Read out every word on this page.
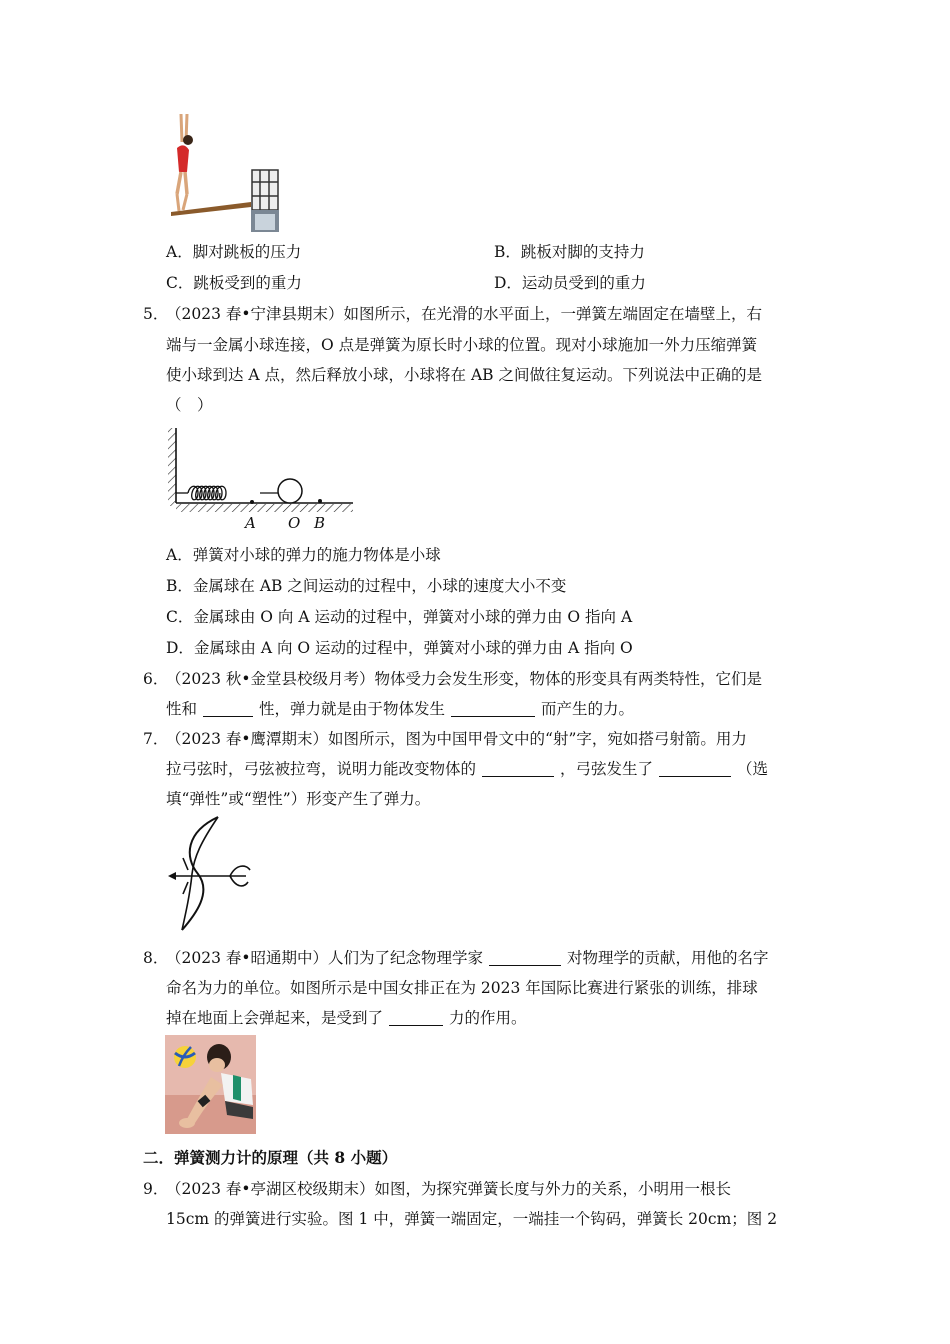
A．脚对跳板的压力	B．跳板对脚的支持力
C．跳板受到的重力	D．运动员受到的重力
5．
（2023 春•宁津县期末）如图所示，在光滑的水平面上，一弹簧左端固定在墙壁上，右
端与一金属小球连接，O 点是弹簧为原长时小球的位置。现对小球施加一外力压缩弹簧
使小球到达 A 点，然后释放小球，小球将在 AB 之间做往复运动。下列说法中正确的是
（　）
A O B
A．弹簧对小球的弹力的施力物体是小球
B．金属球在 AB 之间运动的过程中，小球的速度大小不变
C．金属球由 O 向 A 运动的过程中，弹簧对小球的弹力由 O 指向 A
D．金属球由 A 向 O 运动的过程中，弹簧对小球的弹力由 A 指向 O
6．
（2023 秋•金堂县校级月考）物体受力会发生形变，物体的形变具有两类特性，它们是
性和	性，弹力就是由于物体发生	而产生的力。
7．
（2023 春•鹰潭期末）如图所示，图为中国甲骨文中的“射”字，宛如搭弓射箭。用力
拉弓弦时，弓弦被拉弯，说明力能改变物体的	，弓弦发生了	（选
填“弹性”或“塑性”）形变产生了弹力。
8．
（2023 春•昭通期中）人们为了纪念物理学家	对物理学的贡献，用他的名字
命名为力的单位。如图所示是中国女排正在为 2023 年国际比赛进行紧张的训练，排球
掉在地面上会弹起来，是受到了	力的作用。
二．弹簧测力计的原理（共 8 小题）
9．
（2023 春•亭湖区校级期末）如图，为探究弹簧长度与外力的关系，小明用一根长
15cm 的弹簧进行实验。图 1 中，弹簧一端固定，一端挂一个钩码，弹簧长 20cm；图 2
